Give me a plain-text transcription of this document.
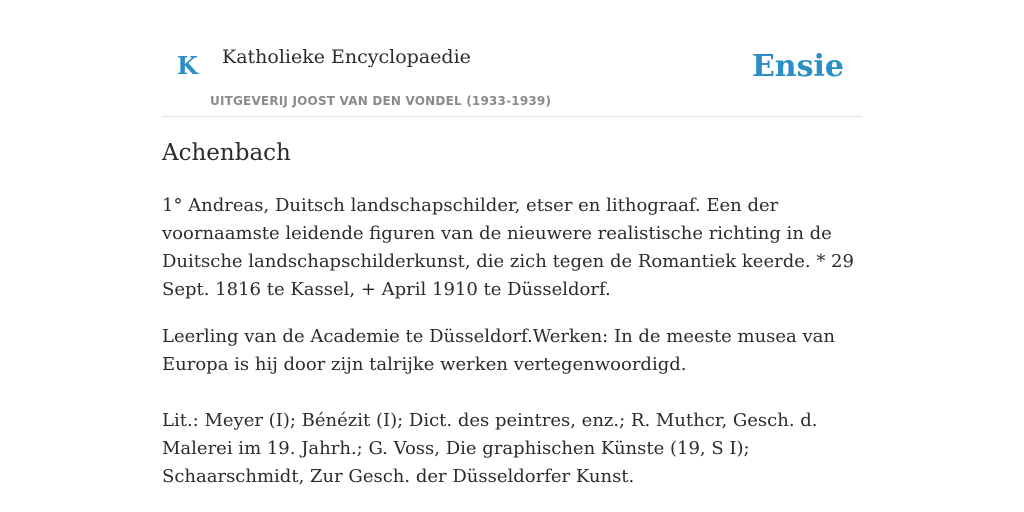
K Katholieke Encyclopaedie
UITGEVERIJ JOOST VAN DEN VONDEL (1933-1939)
Ensie
Achenbach

1° Andreas, Duitsch landschapschilder, etser en lithograaf. Een der voornaamste leidende figuren van de nieuwere realistische richting in de Duitsche landschapschilderkunst, die zich tegen de Romantiek keerde. * 29 Sept. 1816 te Kassel, + April 1910 te Düsseldorf.

Leerling van de Academie te Düsseldorf.Werken: In de meeste musea van Europa is hij door zijn talrijke werken vertegenwoordigd.

Lit.: Meyer (I); Bénézit (I); Dict. des peintres, enz.; R. Muthcr, Gesch. d. Malerei im 19. Jahrh.; G. Voss, Die graphischen Künste (19, S I); Schaarschmidt, Zur Gesch. der Düsseldorfer Kunst.
